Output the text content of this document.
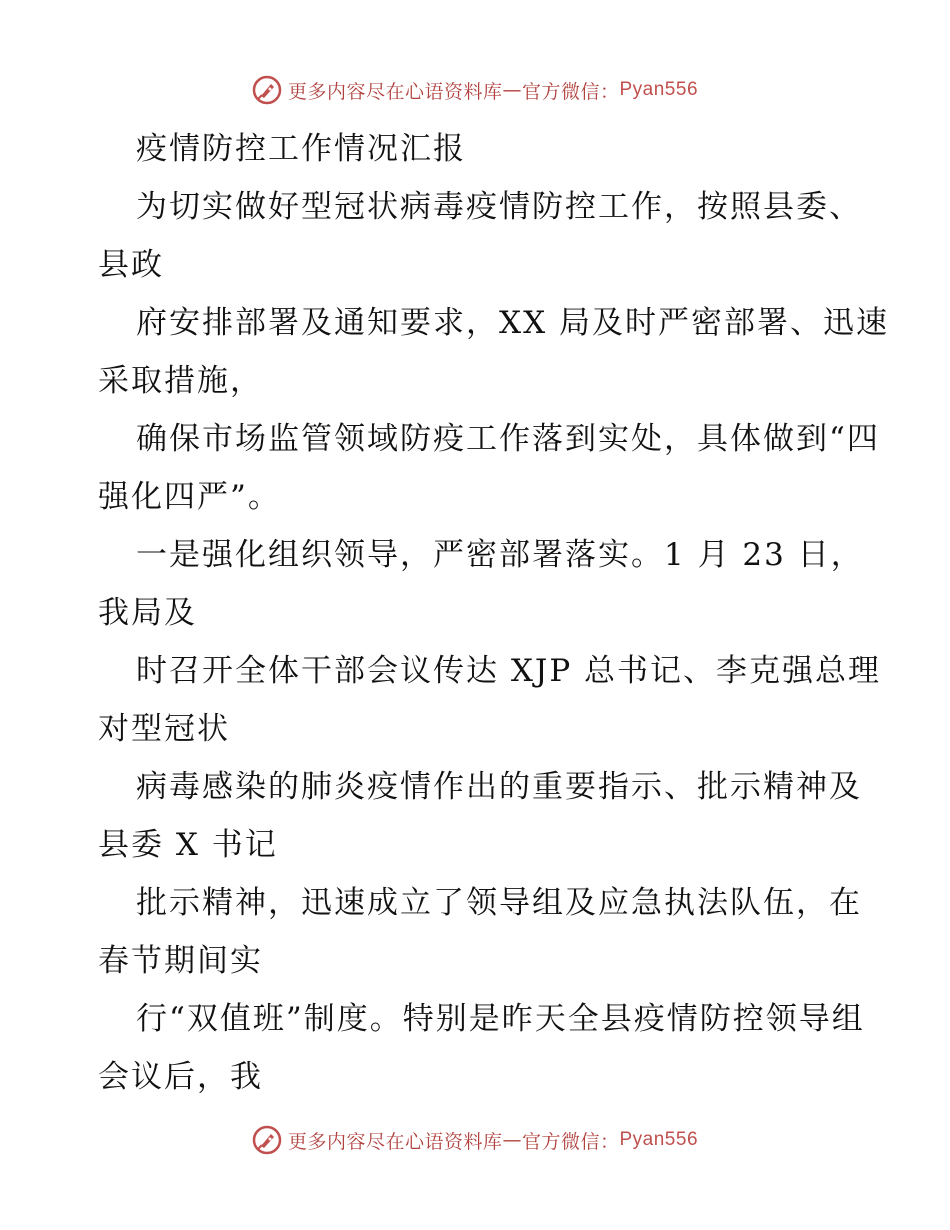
更多内容尽在心语资料库 — 官方微信： Pyan556

疫情防控工作情况汇报

为切实做好型冠状病毒疫情防控工作，按照县委、县政

府安排部署及通知要求，XX 局及时严密部署、迅速采取措施，

确保市场监管领域防疫工作落到实处，具体做到“四强化四严”。

一是强化组织领导，严密部署落实。1 月 23 日，我局及

时召开全体干部会议传达 XJP 总书记、李克强总理对型冠状

病毒感染的肺炎疫情作出的重要指示、批示精神及县委 X 书记

批示精神，迅速成立了领导组及应急执法队伍，在春节期间实

行“双值班”制度。特别是昨天全县疫情防控领导组会议后，我

更多内容尽在心语资料库 — 官方微信： Pyan556
